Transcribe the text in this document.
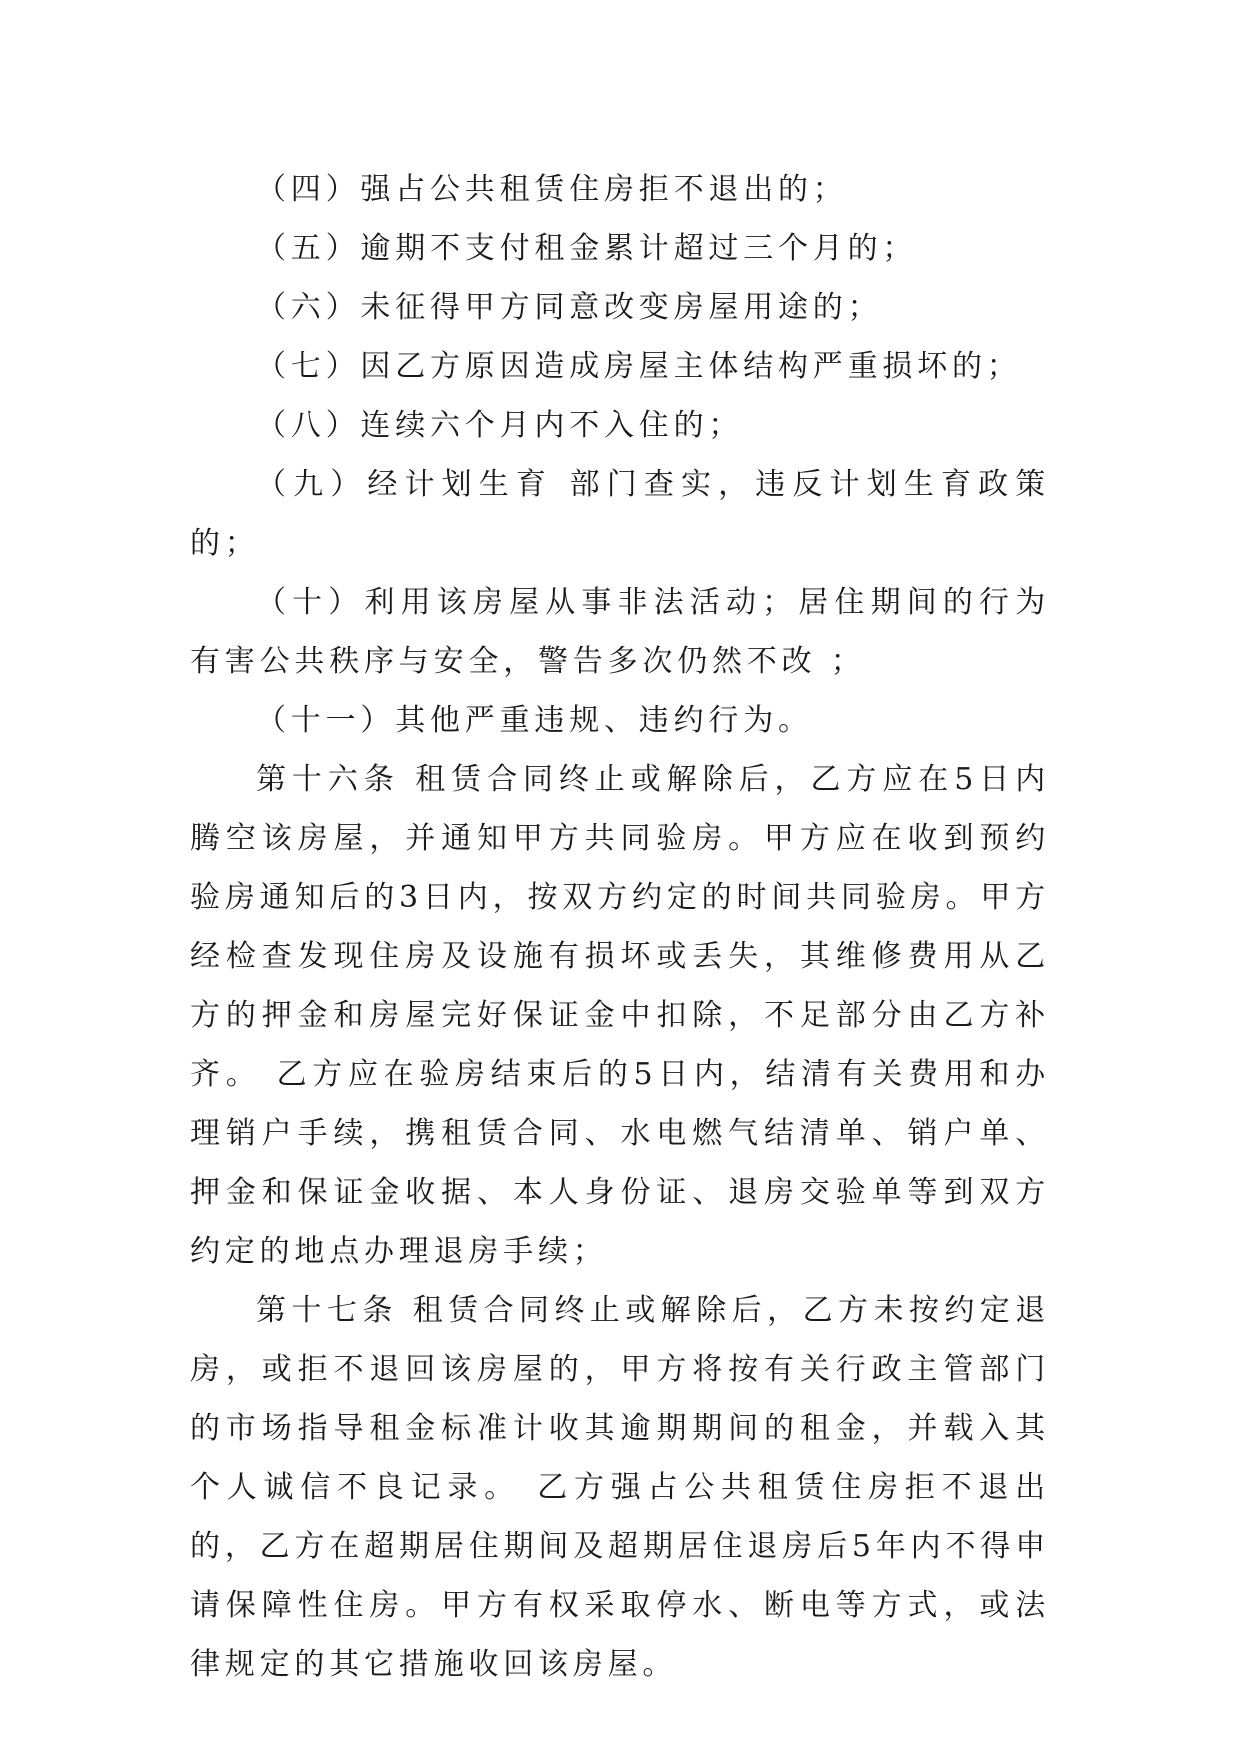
（四）强占公共租赁住房拒不退出的；

（五）逾期不支付租金累计超过三个月的；

（六）未征得甲方同意改变房屋用途的；

（七）因乙方原因造成房屋主体结构严重损坏的；

（八）连续六个月内不入住的；

（九）经计划生育 部门查实，违反计划生育政策的；

（十）利用该房屋从事非法活动；居住期间的行为有害公共秩序与安全，警告多次仍然不改 ；

（十一）其他严重违规、违约行为。

第十六条 租赁合同终止或解除后，乙方应在5日内腾空该房屋，并通知甲方共同验房。甲方应在收到预约验房通知后的3日内，按双方约定的时间共同验房。甲方经检查发现住房及设施有损坏或丢失，其维修费用从乙方的押金和房屋完好保证金中扣除，不足部分由乙方补齐。 乙方应在验房结束后的5日内，结清有关费用和办理销户手续，携租赁合同、水电燃气结清单、销户单、押金和保证金收据、本人身份证、退房交验单等到双方约定的地点办理退房手续；

第十七条 租赁合同终止或解除后，乙方未按约定退房，或拒不退回该房屋的，甲方将按有关行政主管部门的市场指导租金标准计收其逾期期间的租金，并载入其个人诚信不良记录。 乙方强占公共租赁住房拒不退出的，乙方在超期居住期间及超期居住退房后5年内不得申请保障性住房。甲方有权采取停水、断电等方式，或法律规定的其它措施收回该房屋。
